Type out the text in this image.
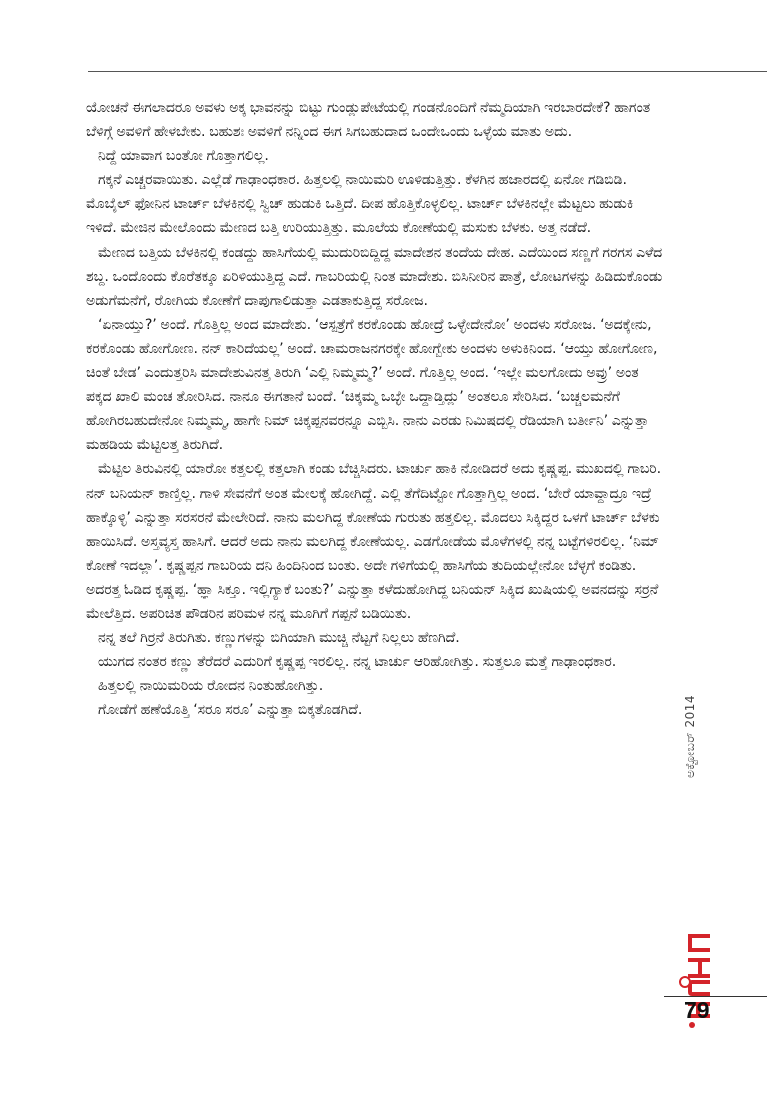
ಯೋಚನೆ ಈಗಲಾದರೂ ಅವಳು ಅಕ್ಕ ಭಾವನನ್ನು ಬಿಟ್ಟು ಗುಂಡ್ಲುಪೇಟೆಯಲ್ಲಿ ಗಂಡನೊಂದಿಗೆ ನೆಮ್ಮದಿಯಾಗಿ ಇರಬಾರದೇಕೆ? ಹಾಗಂತ ಬೆಳಿಗ್ಗೆ ಅವಳಿಗೆ ಹೇಳಬೇಕು. ಬಹುಶಃ ಅವಳಿಗೆ ನನ್ನಿಂದ ಈಗ ಸಿಗಬಹುದಾದ ಒಂದೇಒಂದು ಒಳ್ಳೆಯ ಮಾತು ಅದು.

ನಿದ್ದೆ ಯಾವಾಗ ಬಂತೋ ಗೊತ್ತಾಗಲಿಲ್ಲ.

ಗಕ್ಕನೆ ಎಚ್ಚರವಾಯಿತು. ಎಲ್ಲೆಡೆ ಗಾಢಾಂಧಕಾರ. ಹಿತ್ತಲಲ್ಲಿ ನಾಯಿಮರಿ ಊಳಿಡುತ್ತಿತ್ತು. ಕೆಳಗಿನ ಹಜಾರದಲ್ಲಿ ಏನೋ ಗಡಿಬಿಡಿ. ಮೊಬೈಲ್ ಫೋನಿನ ಟಾರ್ಚ್ ಬೆಳಕಿನಲ್ಲಿ ಸ್ವಿಚ್ ಹುಡುಕಿ ಒತ್ತಿದೆ. ದೀಪ ಹೊತ್ತಿಕೊಳ್ಳಲಿಲ್ಲ. ಟಾರ್ಚ್ ಬೆಳಕಿನಲ್ಲೇ ಮೆಟ್ಟಲು ಹುಡುಕಿ ಇಳಿದೆ. ಮೇಜಿನ ಮೇಲೊಂದು ಮೇಣದ ಬತ್ತಿ ಉರಿಯುತ್ತಿತ್ತು. ಮೂಲೆಯ ಕೋಣೆಯಲ್ಲಿ ಮಸುಕು ಬೆಳಕು. ಅತ್ತ ನಡೆದೆ.

ಮೇಣದ ಬತ್ತಿಯ ಬೆಳಕಿನಲ್ಲಿ ಕಂಡದ್ದು ಹಾಸಿಗೆಯಲ್ಲಿ ಮುದುರಿಬಿದ್ದಿದ್ದ ಮಾದೇಶನ ತಂದೆಯ ದೇಹ. ಎದೆಯಿಂದ ಸಣ್ಣಗೆ ಗರಗಸ ಎಳೆದ ಶಬ್ದ. ಒಂದೊಂದು ಕೊರೆತಕ್ಕೂ ಏರಿಳಿಯುತ್ತಿದ್ದ ಎದೆ. ಗಾಬರಿಯಲ್ಲಿ ನಿಂತ ಮಾದೇಶು. ಬಿಸಿನೀರಿನ ಪಾತ್ರೆ, ಲೋಟಗಳನ್ನು ಹಿಡಿದುಕೊಂಡು ಅಡುಗೆಮನೆಗೆ, ರೋಗಿಯ ಕೋಣೆಗೆ ದಾಪುಗಾಲಿಡುತ್ತಾ ಎಡತಾಕುತ್ತಿದ್ದ ಸರೋಜ.

‘ಏನಾಯ್ತು?’ ಅಂದೆ. ಗೊತ್ತಿಲ್ಲ ಅಂದ ಮಾದೇಶು. ‘ಆಸ್ಪತ್ರೆಗೆ ಕರಕೊಂಡು ಹೋದ್ರೆ ಒಳ್ಳೇದೇನೋ’ ಅಂದಳು ಸರೋಜ. ‘ಅದಕ್ಕೇನು, ಕರಕೊಂಡು ಹೋಗೋಣ. ನನ್ ಕಾರಿದೆಯಲ್ಲ’ ಅಂದೆ. ಚಾಮರಾಜನಗರಕ್ಕೇ ಹೋಗ್ಬೇಕು ಅಂದಳು ಅಳುಕಿನಿಂದ. ‘ಆಯ್ತು ಹೋಗೋಣ, ಚಿಂತೆ ಬೇಡ’ ಎಂದುತ್ತರಿಸಿ ಮಾದೇಶುವಿನತ್ತ ತಿರುಗಿ ‘ಎಲ್ಲಿ ನಿಮ್ಮಮ್ಮ?’ ಅಂದೆ. ಗೊತ್ತಿಲ್ಲ ಅಂದ. ‘ಇಲ್ಲೇ ಮಲಗೋದು ಅವ್ರು’ ಅಂತ ಪಕ್ಕದ ಖಾಲಿ ಮಂಚ ತೋರಿಸಿದ. ನಾನೂ ಈಗತಾನೆ ಬಂದೆ. ‘ಚಿಕ್ಕಮ್ಮ ಒಬ್ಳೇ ಒದ್ದಾಡ್ತಿದ್ಲು’ ಅಂತಲೂ ಸೇರಿಸಿದ. ‘ಬಚ್ಚಲಮನೆಗೆ ಹೋಗಿರಬಹುದೇನೋ ನಿಮ್ಮಮ್ಮ, ಹಾಗೇ ನಿಮ್ ಚಿಕ್ಕಪ್ಪನವರನ್ನೂ ಎಬ್ಬಿಸಿ. ನಾನು ಎರಡು ನಿಮಿಷದಲ್ಲಿ ರೆಡಿಯಾಗಿ ಬರ್ತೀನಿ’ ಎನ್ನುತ್ತಾ ಮಹಡಿಯ ಮೆಟ್ಟಿಲತ್ತ ತಿರುಗಿದೆ.

ಮೆಟ್ಟಿಲ ತಿರುವಿನಲ್ಲಿ ಯಾರೋ ಕತ್ತಲಲ್ಲಿ ಕತ್ತಲಾಗಿ ಕಂಡು ಬೆಚ್ಚಿಸಿದರು. ಟಾರ್ಚು ಹಾಕಿ ನೋಡಿದರೆ ಅದು ಕೃಷ್ಣಪ್ಪ. ಮುಖದಲ್ಲಿ ಗಾಬರಿ. ನನ್ ಬನಿಯನ್ ಕಾಣ್ತಿಲ್ಲ. ಗಾಳಿ ಸೇವನೆಗೆ ಅಂತ ಮೇಲಕ್ಕೆ ಹೋಗಿದ್ದೆ. ಎಲ್ಲಿ ತೆಗೆದಿಟ್ಟೋ ಗೊತ್ತಾಗ್ತಿಲ್ಲ ಅಂದ. ‘ಬೇರೆ ಯಾವ್ದಾದ್ರೂ ಇದ್ರೆ ಹಾಕ್ಕೊಳ್ಳಿ’ ಎನ್ನುತ್ತಾ ಸರಸರನೆ ಮೇಲೇರಿದೆ. ನಾನು ಮಲಗಿದ್ದ ಕೋಣೆಯ ಗುರುತು ಹತ್ತಲಿಲ್ಲ. ಮೊದಲು ಸಿಕ್ಕಿದ್ದರ ಒಳಗೆ ಟಾರ್ಚ್ ಬೆಳಕು ಹಾಯಿಸಿದೆ. ಅಸ್ತವ್ಯಸ್ತ ಹಾಸಿಗೆ. ಆದರೆ ಅದು ನಾನು ಮಲಗಿದ್ದ ಕೋಣೆಯಲ್ಲ. ಎಡಗೋಡೆಯ ಮೊಳೆಗಳಲ್ಲಿ ನನ್ನ ಬಟ್ಟೆಗಳಿರಲಿಲ್ಲ. ‘ನಿಮ್ ಕೋಣೆ ಇದಲ್ಲಾ’. ಕೃಷ್ಣಪ್ಪನ ಗಾಬರಿಯ ದನಿ ಹಿಂದಿನಿಂದ ಬಂತು. ಅದೇ ಗಳಿಗೆಯಲ್ಲಿ ಹಾಸಿಗೆಯ ತುದಿಯಲ್ಲೇನೋ ಬೆಳ್ಳಗೆ ಕಂಡಿತು. ಅದರತ್ತ ಓಡಿದ ಕೃಷ್ಣಪ್ಪ. ‘ಹ್ಞಾ ಸಿಕ್ತೂ. ಇಲ್ಲಿಗ್ಯಾಕೆ ಬಂತು?’ ಎನ್ನುತ್ತಾ ಕಳೆದುಹೋಗಿದ್ದ ಬನಿಯನ್ ಸಿಕ್ಕಿದ ಖುಷಿಯಲ್ಲಿ ಅವನದನ್ನು ಸರ್ರನೆ ಮೇಲೆತ್ತಿದ. ಅಪರಿಚಿತ ಪೌಡರಿನ ಪರಿಮಳ ನನ್ನ ಮೂಗಿಗೆ ಗಪ್ಪನೆ ಬಡಿಯಿತು.

ನನ್ನ ತಲೆ ಗಿರ್ರನೆ ತಿರುಗಿತು. ಕಣ್ಣುಗಳನ್ನು ಬಿಗಿಯಾಗಿ ಮುಚ್ಚಿ ನೆಟ್ಟಗೆ ನಿಲ್ಲಲು ಹೆಣಗಿದೆ.

ಯುಗದ ನಂತರ ಕಣ್ಣು ತೆರೆದರೆ ಎದುರಿಗೆ ಕೃಷ್ಣಪ್ಪ ಇರಲಿಲ್ಲ. ನನ್ನ ಟಾರ್ಚು ಆರಿಹೋಗಿತ್ತು. ಸುತ್ತಲೂ ಮತ್ತೆ ಗಾಢಾಂಧಕಾರ.

ಹಿತ್ತಲಲ್ಲಿ ನಾಯಿಮರಿಯ ರೋದನ ನಿಂತುಹೋಗಿತ್ತು.

ಗೋಡೆಗೆ ಹಣೆಯೊತ್ತಿ ‘ಸರೂ ಸರೂ’ ಎನ್ನುತ್ತಾ ಬಿಕ್ಕತೊಡಗಿದೆ.	ಅಕ್ಟೋಬರ್ 2014
79
